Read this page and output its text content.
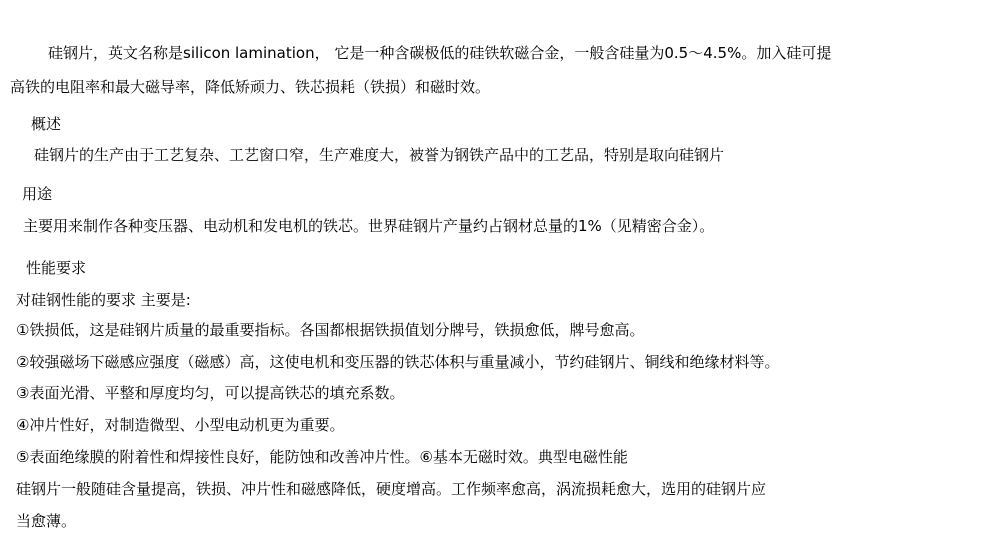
硅钢片，英文名称是silicon lamination， 它是一种含碳极低的硅铁软磁合金，一般含硅量为0.5～4.5%。加入硅可提
高铁的电阻率和最大磁导率，降低矫顽力、铁芯损耗（铁损）和磁时效。
概述
硅钢片的生产由于工艺复杂、工艺窗口窄，生产难度大，被誉为钢铁产品中的工艺品，特别是取向硅钢片
用途
主要用来制作各种变压器、电动机和发电机的铁芯。世界硅钢片产量约占钢材总量的1%（见精密合金）。
性能要求
对硅钢性能的要求 主要是:
①铁损低，这是硅钢片质量的最重要指标。各国都根据铁损值划分牌号，铁损愈低，牌号愈高。
②较强磁场下磁感应强度（磁感）高，这使电机和变压器的铁芯体积与重量减小，节约硅钢片、铜线和绝缘材料等。
③表面光滑、平整和厚度均匀，可以提高铁芯的填充系数。
④冲片性好，对制造微型、小型电动机更为重要。
⑤表面绝缘膜的附着性和焊接性良好，能防蚀和改善冲片性。⑥基本无磁时效。典型电磁性能
硅钢片一般随硅含量提高，铁损、冲片性和磁感降低，硬度增高。工作频率愈高，涡流损耗愈大，选用的硅钢片应
当愈薄。
